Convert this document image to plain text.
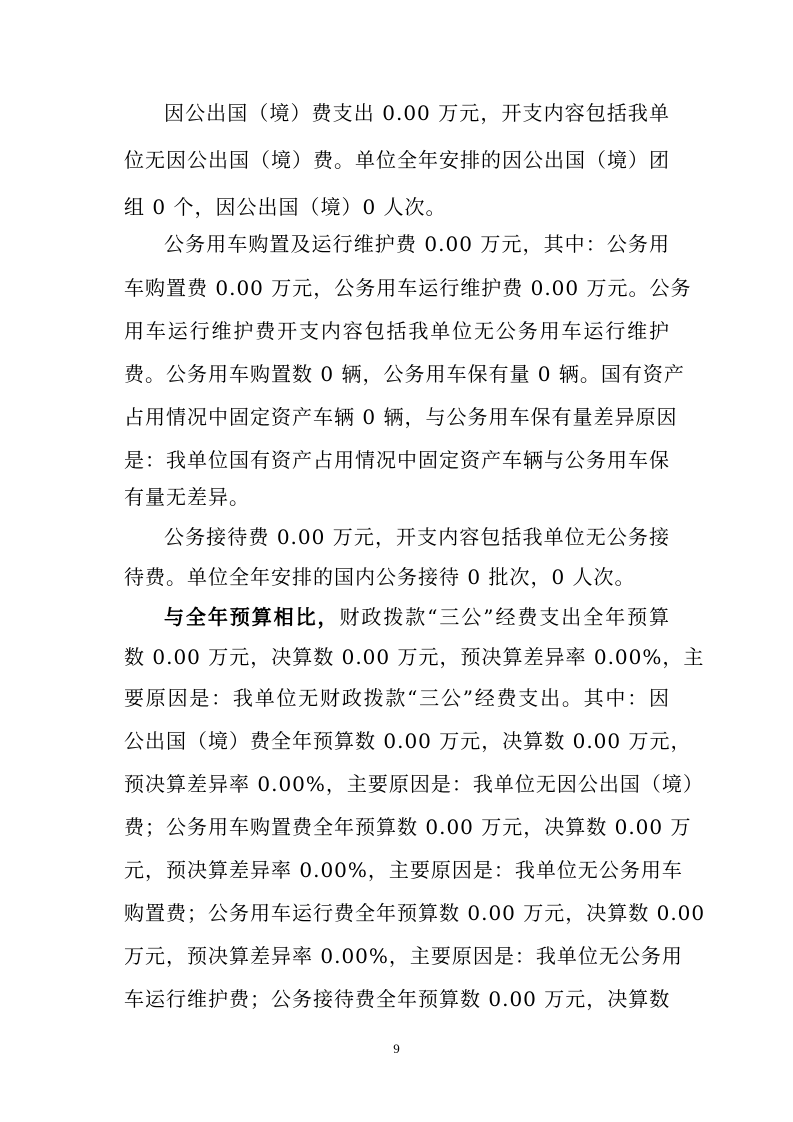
因公出国（境）费支出 0.00 万元，开支内容包括我单
位无因公出国（境）费。单位全年安排的因公出国（境）团
组 0 个，因公出国（境）0 人次。
公务用车购置及运行维护费 0.00 万元，其中：公务用
车购置费 0.00 万元，公务用车运行维护费 0.00 万元。公务
用车运行维护费开支内容包括我单位无公务用车运行维护
费。公务用车购置数 0 辆，公务用车保有量 0 辆。国有资产
占用情况中固定资产车辆 0 辆，与公务用车保有量差异原因
是：我单位国有资产占用情况中固定资产车辆与公务用车保
有量无差异。
公务接待费 0.00 万元，开支内容包括我单位无公务接
待费。单位全年安排的国内公务接待 0 批次，0 人次。
与全年预算相比，财政拨款“三公”经费支出全年预算
数 0.00 万元，决算数 0.00 万元，预决算差异率 0.00%，主
要原因是：我单位无财政拨款“三公”经费支出。其中：因
公出国（境）费全年预算数 0.00 万元，决算数 0.00 万元，
预决算差异率 0.00%，主要原因是：我单位无因公出国（境）
费；公务用车购置费全年预算数 0.00 万元，决算数 0.00 万
元，预决算差异率 0.00%，主要原因是：我单位无公务用车
购置费；公务用车运行费全年预算数 0.00 万元，决算数 0.00
万元，预决算差异率 0.00%，主要原因是：我单位无公务用
车运行维护费；公务接待费全年预算数 0.00 万元，决算数
9
